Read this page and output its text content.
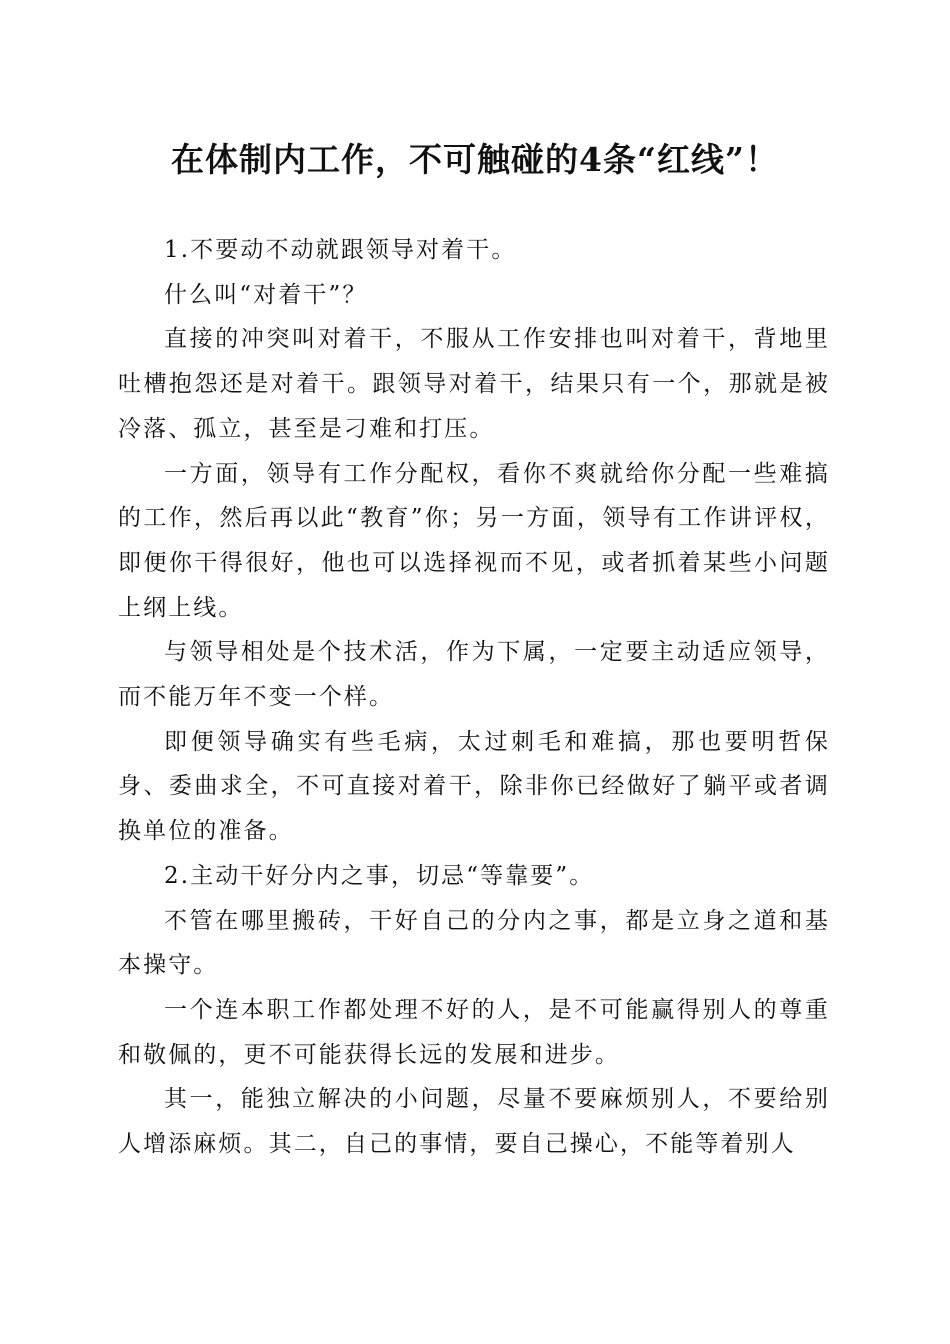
在体制内工作，不可触碰的4条“红线”！

1.不要动不动就跟领导对着干。

什么叫“对着干”？

直接的冲突叫对着干，不服从工作安排也叫对着干，背地里吐槽抱怨还是对着干。跟领导对着干，结果只有一个，那就是被冷落、孤立，甚至是刁难和打压。

一方面，领导有工作分配权，看你不爽就给你分配一些难搞的工作，然后再以此“教育”你；另一方面，领导有工作讲评权，即便你干得很好，他也可以选择视而不见，或者抓着某些小问题上纲上线。

与领导相处是个技术活，作为下属，一定要主动适应领导，而不能万年不变一个样。

即便领导确实有些毛病，太过刺毛和难搞，那也要明哲保身、委曲求全，不可直接对着干，除非你已经做好了躺平或者调换单位的准备。

2.主动干好分内之事，切忌“等靠要”。

不管在哪里搬砖，干好自己的分内之事，都是立身之道和基本操守。

一个连本职工作都处理不好的人，是不可能赢得别人的尊重和敬佩的，更不可能获得长远的发展和进步。

其一，能独立解决的小问题，尽量不要麻烦别人，不要给别人增添麻烦。其二，自己的事情，要自己操心，不能等着别人
